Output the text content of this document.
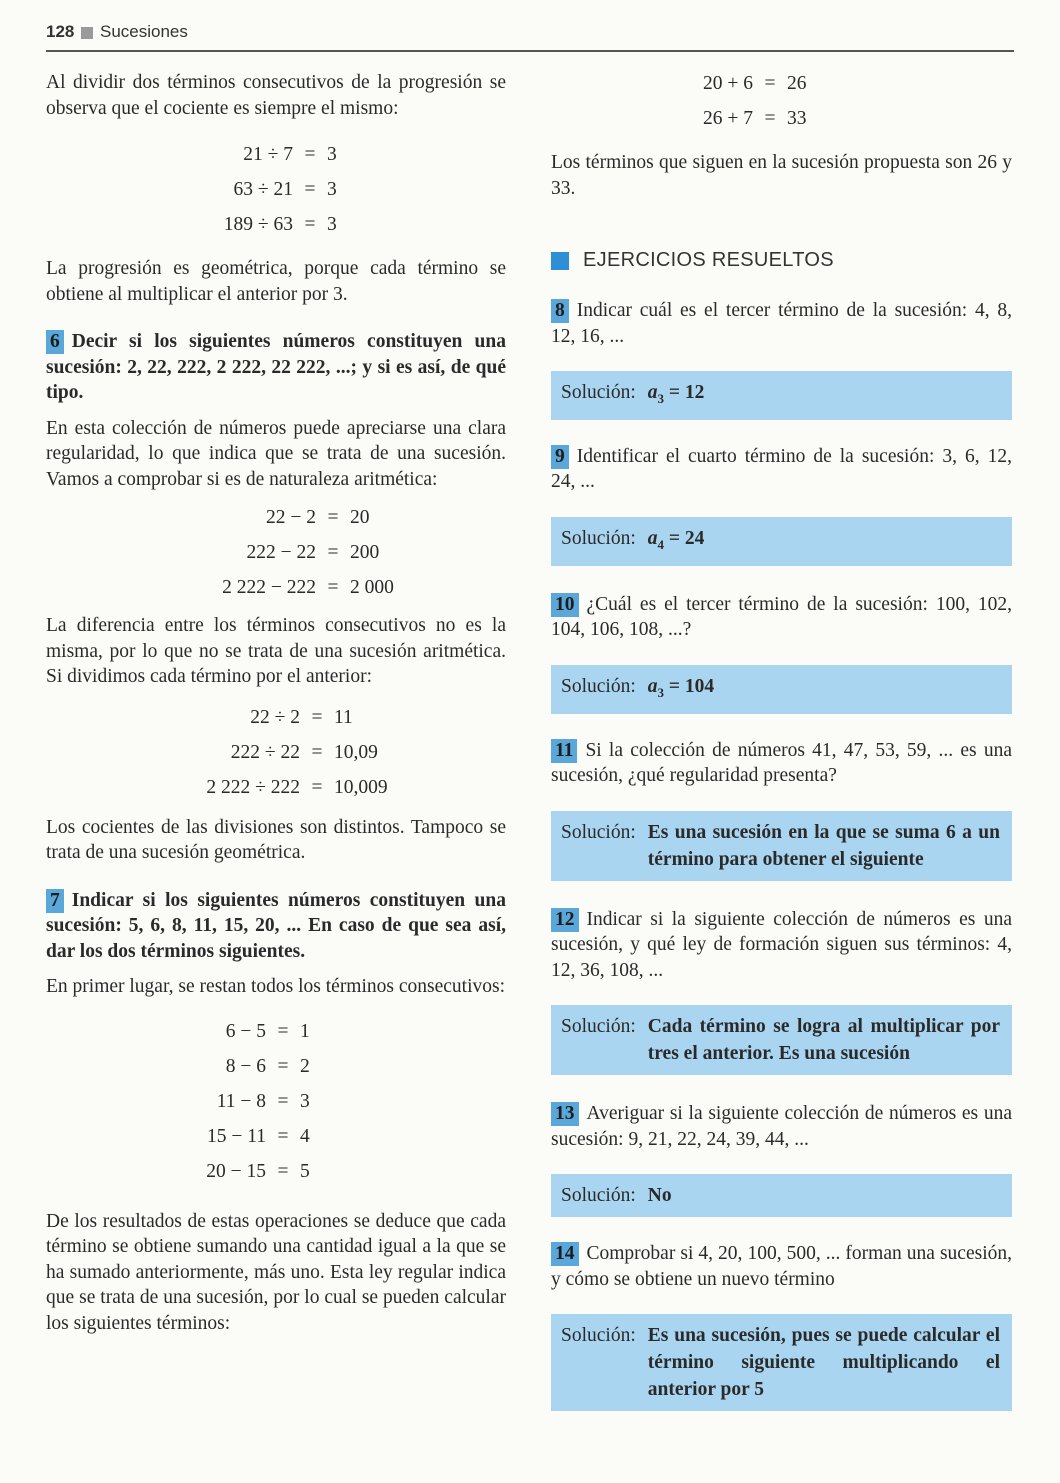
128 Sucesiones

Al dividir dos términos consecutivos de la progresión se observa que el cociente es siempre el mismo:

21 ÷ 7 = 3
63 ÷ 21 = 3
189 ÷ 63 = 3

La progresión es geométrica, porque cada término se obtiene al multiplicar el anterior por 3.

6 Decir si los siguientes números constituyen una sucesión: 2, 22, 222, 2 222, 22 222, ...; y si es así, de qué tipo.

En esta colección de números puede apreciarse una clara regularidad, lo que indica que se trata de una sucesión. Vamos a comprobar si es de naturaleza aritmética:

22 − 2 = 20
222 − 22 = 200
2 222 − 222 = 2 000

La diferencia entre los términos consecutivos no es la misma, por lo que no se trata de una sucesión aritmética. Si dividimos cada término por el anterior:

22 ÷ 2 = 11
222 ÷ 22 = 10,09
2 222 ÷ 222 = 10,009

Los cocientes de las divisiones son distintos. Tampoco se trata de una sucesión geométrica.

7 Indicar si los siguientes números constituyen una sucesión: 5, 6, 8, 11, 15, 20, ... En caso de que sea así, dar los dos términos siguientes.

En primer lugar, se restan todos los términos consecutivos:

6 − 5 = 1
8 − 6 = 2
11 − 8 = 3
15 − 11 = 4
20 − 15 = 5

De los resultados de estas operaciones se deduce que cada término se obtiene sumando una cantidad igual a la que se ha sumado anteriormente, más uno. Esta ley regular indica que se trata de una sucesión, por lo cual se pueden calcular los siguientes términos:

20 + 6 = 26
26 + 7 = 33

Los términos que siguen en la sucesión propuesta son 26 y 33.

EJERCICIOS RESUELTOS

8 Indicar cuál es el tercer término de la sucesión: 4, 8, 12, 16, ...

Solución: $a_3 = 12$

9 Identificar el cuarto término de la sucesión: 3, 6, 12, 24, ...

Solución: $a_4 = 24$

10 ¿Cuál es el tercer término de la sucesión: 100, 102, 104, 106, 108, ...?

Solución: $a_3 = 104$

11 Si la colección de números 41, 47, 53, 59, ... es una sucesión, ¿qué regularidad presenta?

Solución: Es una sucesión en la que se suma 6 a un término para obtener el siguiente

12 Indicar si la siguiente colección de números es una sucesión, y qué ley de formación siguen sus términos: 4, 12, 36, 108, ...

Solución: Cada término se logra al multiplicar por tres el anterior. Es una sucesión

13 Averiguar si la siguiente colección de números es una sucesión: 9, 21, 22, 24, 39, 44, ...

Solución: No

14 Comprobar si 4, 20, 100, 500, ... forman una sucesión, y cómo se obtiene un nuevo término

Solución: Es una sucesión, pues se puede calcular el término siguiente multiplicando el anterior por 5
